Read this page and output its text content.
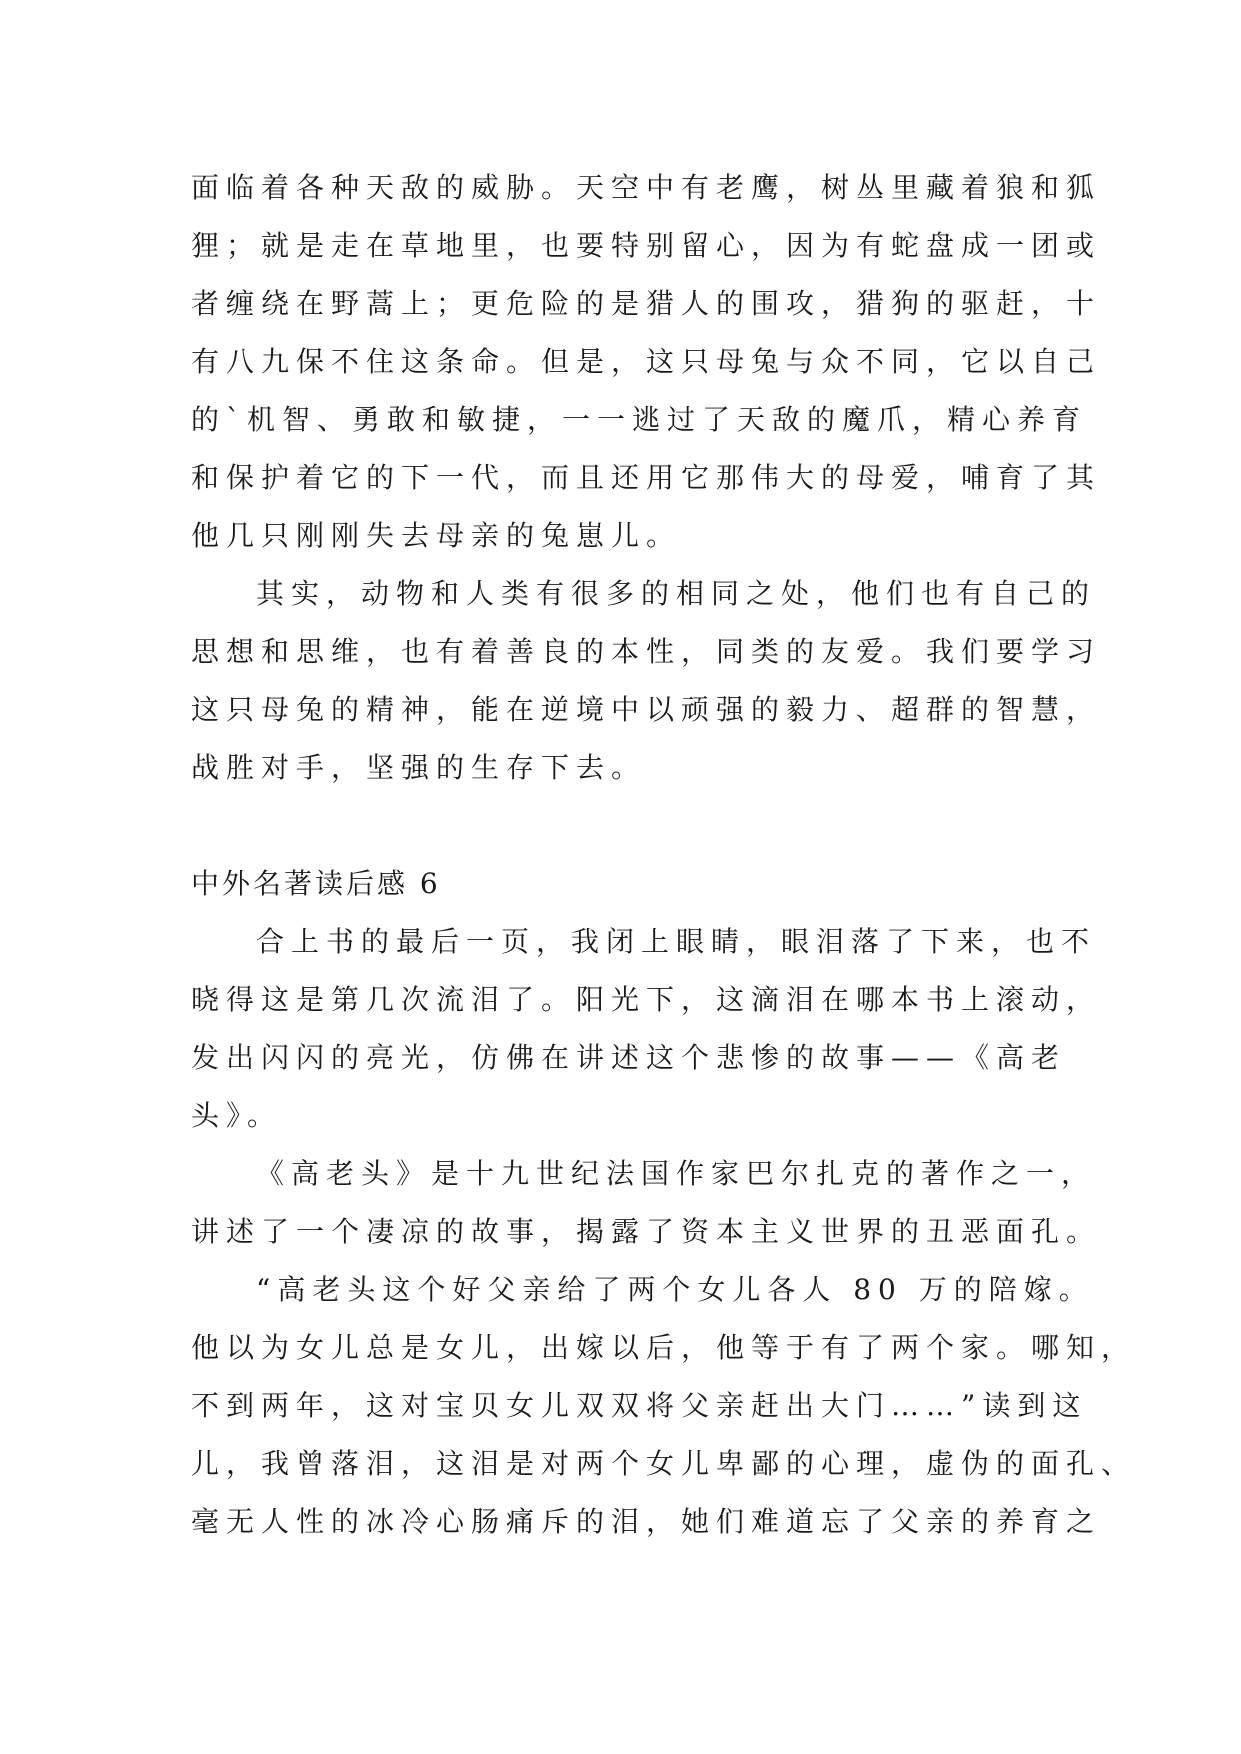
面临着各种天敌的威胁。天空中有老鹰，树丛里藏着狼和狐
狸；就是走在草地里，也要特别留心，因为有蛇盘成一团或
者缠绕在野蒿上；更危险的是猎人的围攻，猎狗的驱赶，十
有八九保不住这条命。但是，这只母兔与众不同，它以自己
的`机智、勇敢和敏捷，一一逃过了天敌的魔爪，精心养育
和保护着它的下一代，而且还用它那伟大的母爱，哺育了其
他几只刚刚失去母亲的兔崽儿。
其实，动物和人类有很多的相同之处，他们也有自己的
思想和思维，也有着善良的本性，同类的友爱。我们要学习
这只母兔的精神，能在逆境中以顽强的毅力、超群的智慧，
战胜对手，坚强的生存下去。
中外名著读后感 6
合上书的最后一页，我闭上眼睛，眼泪落了下来，也不
晓得这是第几次流泪了。阳光下，这滴泪在哪本书上滚动，
发出闪闪的亮光，仿佛在讲述这个悲惨的故事——《高老
头》。
《高老头》是十九世纪法国作家巴尔扎克的著作之一，
讲述了一个凄凉的故事，揭露了资本主义世界的丑恶面孔。
“高老头这个好父亲给了两个女儿各人 80 万的陪嫁。
他以为女儿总是女儿，出嫁以后，他等于有了两个家。哪知，
不到两年，这对宝贝女儿双双将父亲赶出大门……”读到这
儿，我曾落泪，这泪是对两个女儿卑鄙的心理，虚伪的面孔、
毫无人性的冰冷心肠痛斥的泪，她们难道忘了父亲的养育之
